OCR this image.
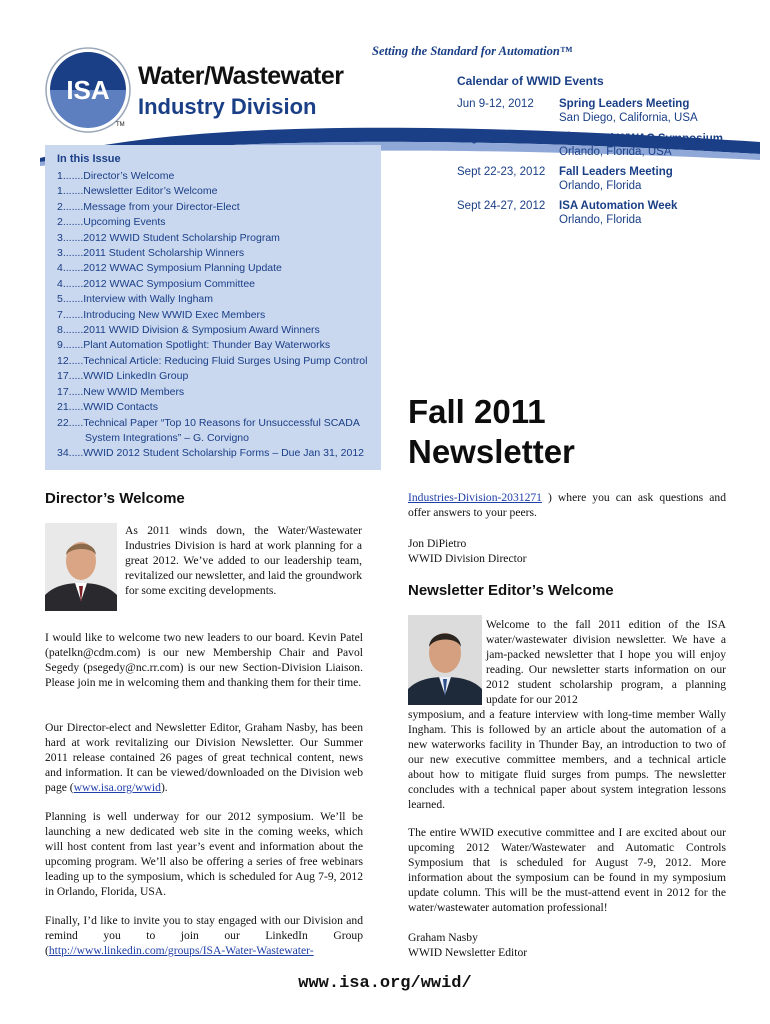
Setting the Standard for Automation™
ISA
TM
Water/Wastewater
Industry Division
Calendar of WWID Events
Jun 9-12, 2012 Spring Leaders Meeting
San Diego, California, USA
Aug 7-9, 2012	7th Annual WWAC Symposium
Orlando, Florida, USA
Sept 22-23, 2012 Fall Leaders Meeting
Orlando, Florida
Sept 24-27, 2012 ISA Automation Week
Orlando, Florida
In this Issue
1.......Director’s Welcome
1.......Newsletter Editor’s Welcome
2.......Message from your Director-Elect
2.......Upcoming Events
3.......2012 WWID Student Scholarship Program
3.......2011 Student Scholarship Winners
4.......2012 WWAC Symposium Planning Update
4.......2012 WWAC Symposium Committee
5.......Interview with Wally Ingham
7.......Introducing New WWID Exec Members
8.......2011 WWID Division & Symposium Award Winners
9.......Plant Automation Spotlight: Thunder Bay Waterworks
12.....Technical Article: Reducing Fluid Surges Using Pump Control
17.....WWID LinkedIn Group
17.....New WWID Members
21.....WWID Contacts
22.....Technical Paper “Top 10 Reasons for Unsuccessful SCADA
System Integrations” – G. Corvigno
34.....WWID 2012 Student Scholarship Forms – Due Jan 31, 2012
Fall 2011
Newsletter
Director’s Welcome
As 2011 winds down, the Water/Wastewater Industries Division is hard at work planning for a great 2012. We’ve added to our leadership team, revitalized our newsletter, and laid the groundwork for some exciting developments.
I would like to welcome two new leaders to our board. Kevin Patel (patelkn@cdm.com) is our new Membership Chair and Pavol Segedy (psegedy@nc.rr.com) is our new Section-Division Liaison. Please join me in welcoming them and thanking them for their time.
Our Director-elect and Newsletter Editor, Graham Nasby, has been hard at work revitalizing our Division Newsletter. Our Summer 2011 release contained 26 pages of great technical content, news and information. It can be viewed/downloaded on the Division web page (www.isa.org/wwid).
Planning is well underway for our 2012 symposium. We’ll be launching a new dedicated web site in the coming weeks, which will host content from last year’s event and information about the upcoming program. We’ll also be offering a series of free webinars leading up to the symposium, which is scheduled for Aug 7-9, 2012 in Orlando, Florida, USA.
Finally, I’d like to invite you to stay engaged with our Division and remind you to join our LinkedIn Group (http://www.linkedin.com/groups/ISA-Water-Wastewater-
Industries-Division-2031271 ) where you can ask questions and offer answers to your peers.
Jon DiPietro
WWID Division Director
Newsletter Editor’s Welcome
Welcome to the fall 2011 edition of the ISA water/wastewater division newsletter. We have a jam-packed newsletter that I hope you will enjoy reading. Our newsletter starts information on our 2012 student scholarship program, a planning update for our 2012
symposium, and a feature interview with long-time member Wally Ingham. This is followed by an article about the automation of a new waterworks facility in Thunder Bay, an introduction to two of our new executive committee members, and a technical article about how to mitigate fluid surges from pumps. The newsletter concludes with a technical paper about system integration lessons learned.
The entire WWID executive committee and I are excited about our upcoming 2012 Water/Wastewater and Automatic Controls Symposium that is scheduled for August 7-9, 2012. More information about the symposium can be found in my symposium update column. This will be the must-attend event in 2012 for the water/wastewater automation professional!
Graham Nasby
WWID Newsletter Editor
www.isa.org/wwid/
